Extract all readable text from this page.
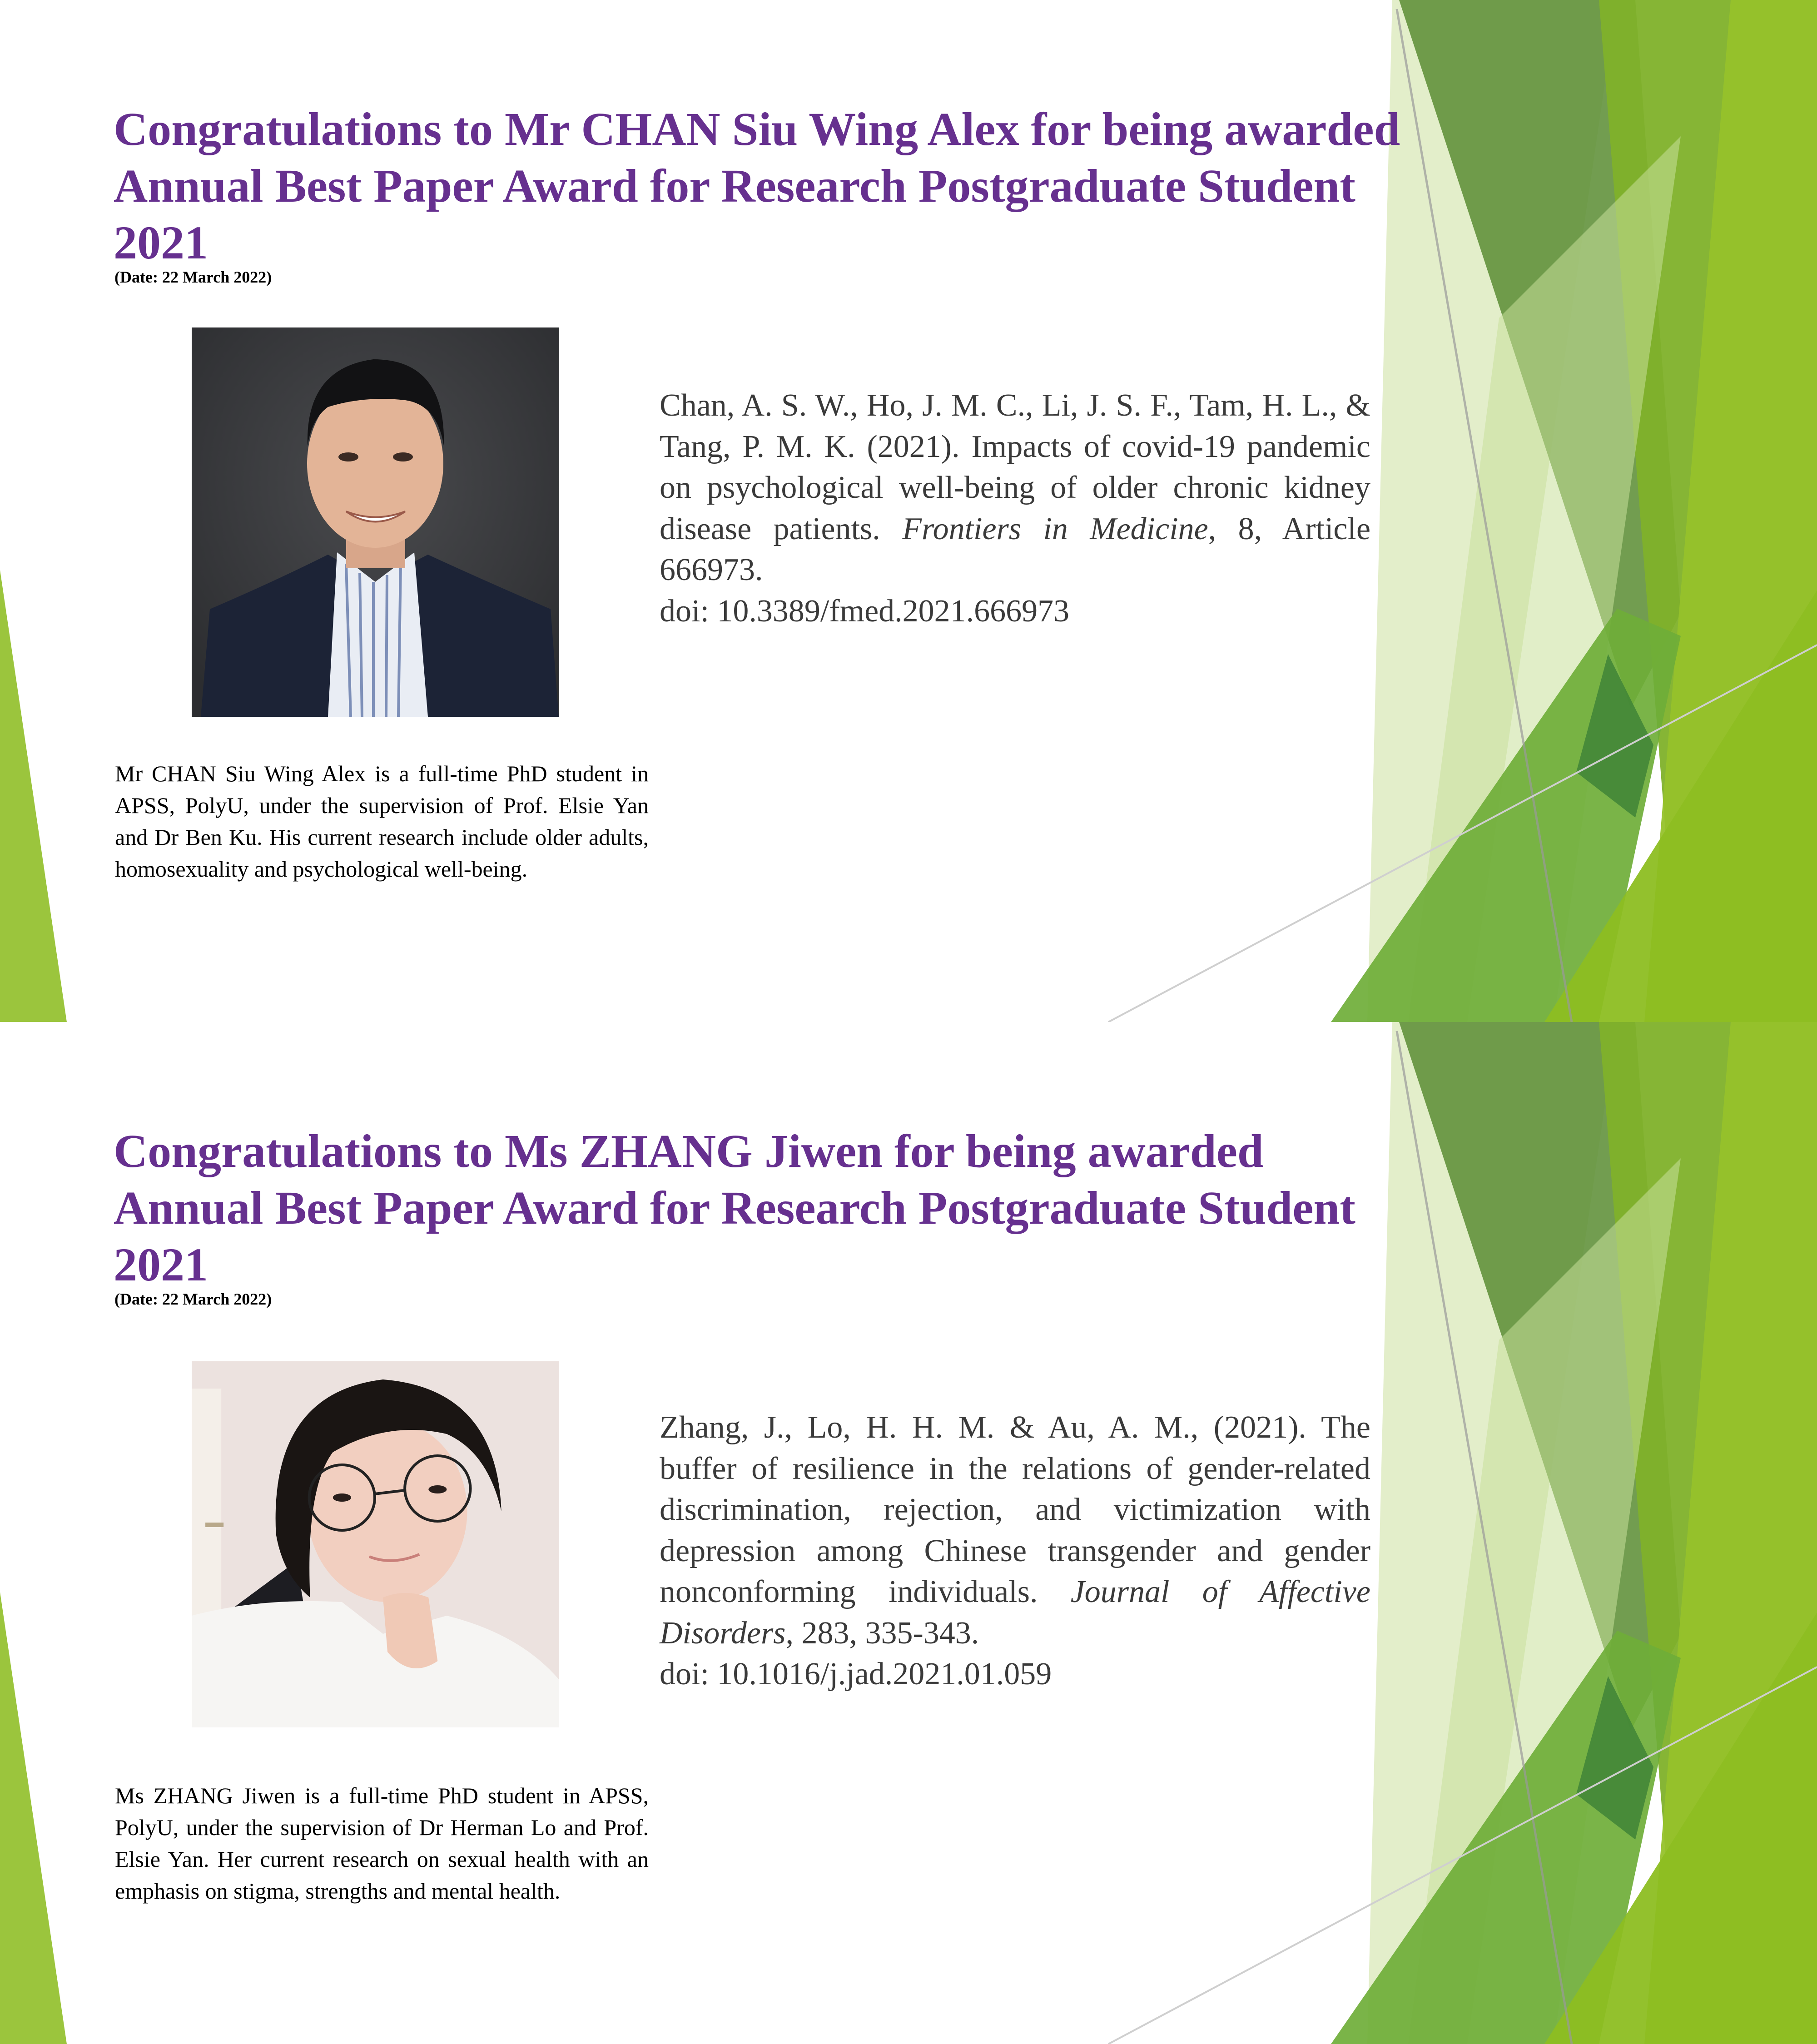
Congratulations to Mr CHAN Siu Wing Alex for being awarded
Annual Best Paper Award for Research Postgraduate Student
2021

(Date: 22 March 2022)

Chan, A. S. W., Ho, J. M. C., Li, J. S. F., Tam, H. L., & Tang, P. M. K. (2021). Impacts of covid-19 pandemic on psychological well-being of older chronic kidney disease patients. Frontiers in Medicine, 8, Article 666973.
doi: 10.3389/fmed.2021.666973

Mr CHAN Siu Wing Alex is a full-time PhD student in APSS, PolyU, under the supervision of Prof. Elsie Yan and Dr Ben Ku. His current research include older adults, homosexuality and psychological well-being.

Congratulations to Ms ZHANG Jiwen for being awarded
Annual Best Paper Award for Research Postgraduate Student
2021

(Date: 22 March 2022)

Zhang, J., Lo, H. H. M. & Au, A. M., (2021). The buffer of resilience in the relations of gender-related discrimination, rejection, and victimization with depression among Chinese transgender and gender nonconforming individuals. Journal of Affective Disorders, 283, 335-343.
doi: 10.1016/j.jad.2021.01.059

Ms ZHANG Jiwen is a full-time PhD student in APSS, PolyU, under the supervision of Dr Herman Lo and Prof. Elsie Yan. Her current research on sexual health with an emphasis on stigma, strengths and mental health.
